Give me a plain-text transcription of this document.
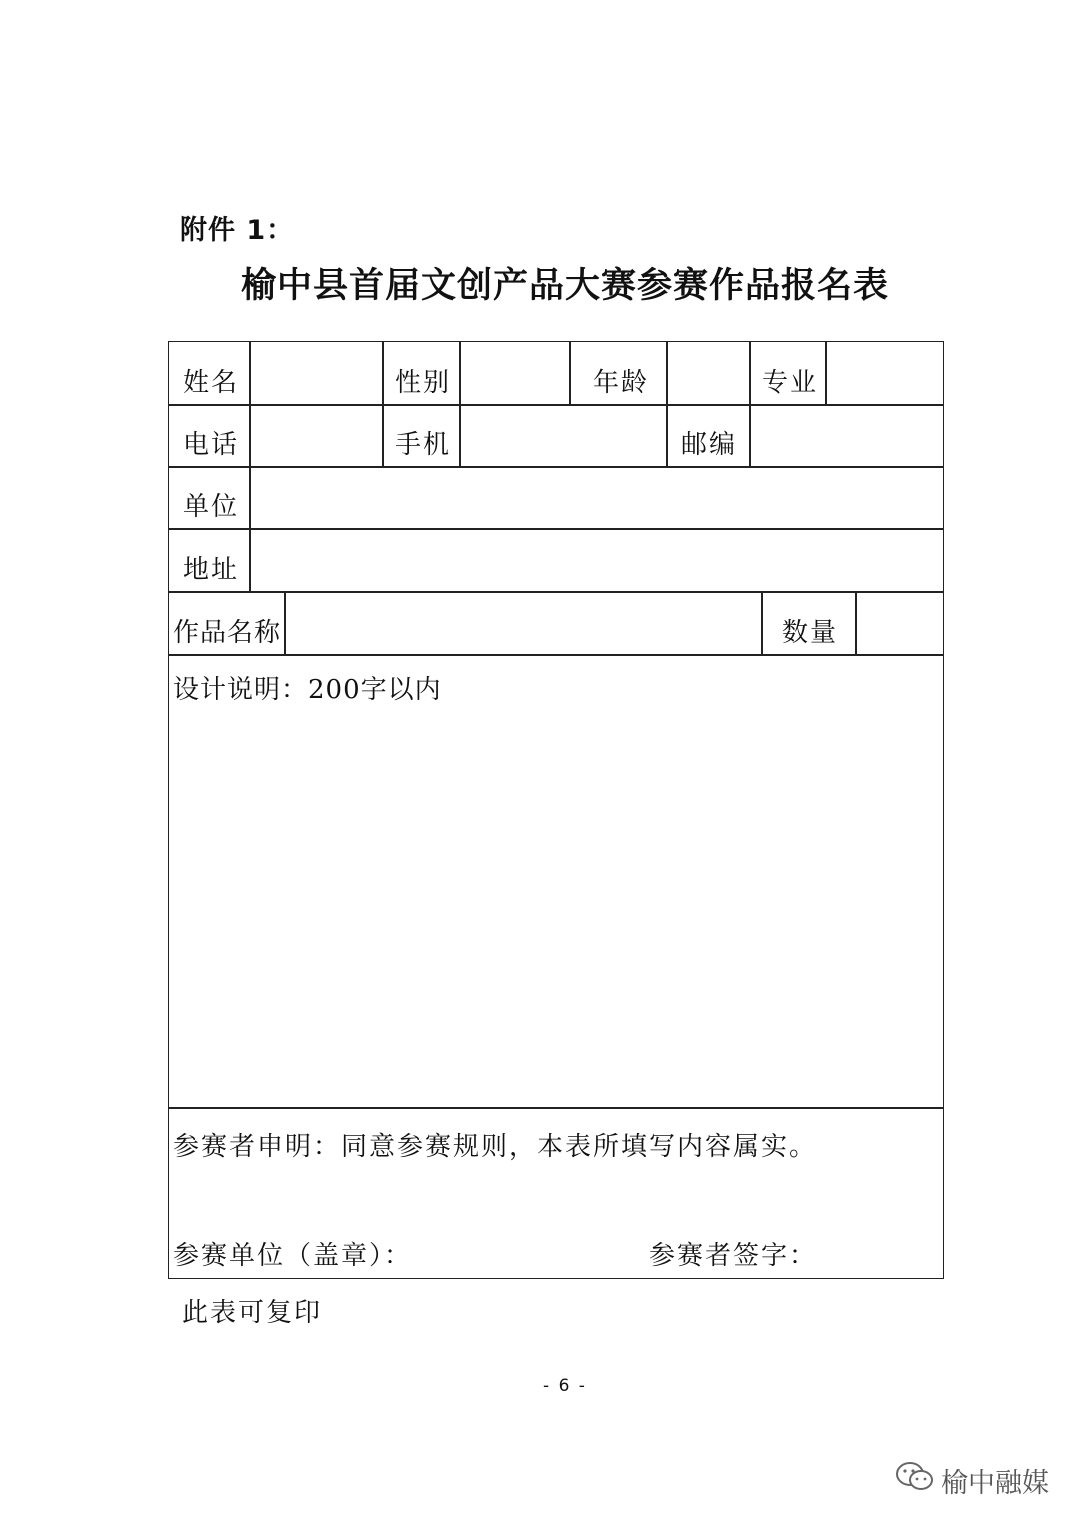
附件 1：
榆中县首届文创产品大赛参赛作品报名表
姓名	性别	年龄	专业
电话	手机	邮编
单位
地址
作品名称	数量
设计说明：200字以内
参赛者申明：同意参赛规则，本表所填写内容属实。
参赛单位（盖章）：	参赛者签字：
此表可复印
- 6 -
榆中融媒
